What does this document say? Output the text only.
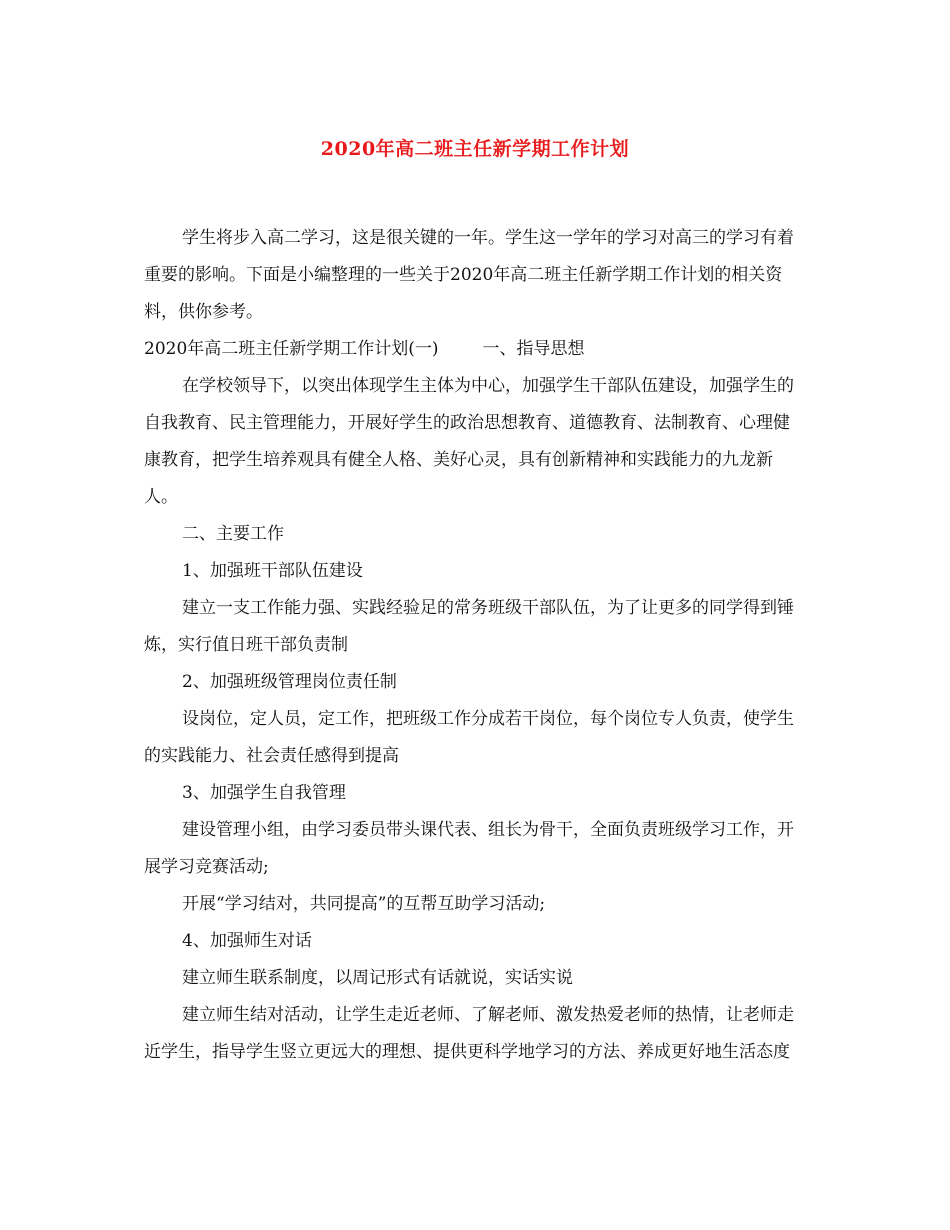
2020年高二班主任新学期工作计划

学生将步入高二学习，这是很关键的一年。学生这一学年的学习对高三的学习有着重要的影响。下面是小编整理的一些关于2020年高二班主任新学期工作计划的相关资料，供你参考。

2020年高二班主任新学期工作计划(一)	一、指导思想

在学校领导下，以突出体现学生主体为中心，加强学生干部队伍建设，加强学生的自我教育、民主管理能力，开展好学生的政治思想教育、道德教育、法制教育、心理健康教育，把学生培养观具有健全人格、美好心灵，具有创新精神和实践能力的九龙新人。

二、主要工作

1、加强班干部队伍建设

建立一支工作能力强、实践经验足的常务班级干部队伍，为了让更多的同学得到锤炼，实行值日班干部负责制

2、加强班级管理岗位责任制

设岗位，定人员，定工作，把班级工作分成若干岗位，每个岗位专人负责，使学生的实践能力、社会责任感得到提高

3、加强学生自我管理

建设管理小组，由学习委员带头课代表、组长为骨干，全面负责班级学习工作，开展学习竞赛活动;

开展“学习结对，共同提高”的互帮互助学习活动;

4、加强师生对话

建立师生联系制度，以周记形式有话就说，实话实说

建立师生结对活动，让学生走近老师、了解老师、激发热爱老师的热情，让老师走近学生，指导学生竖立更远大的理想、提供更科学地学习的方法、养成更好地生活态度
